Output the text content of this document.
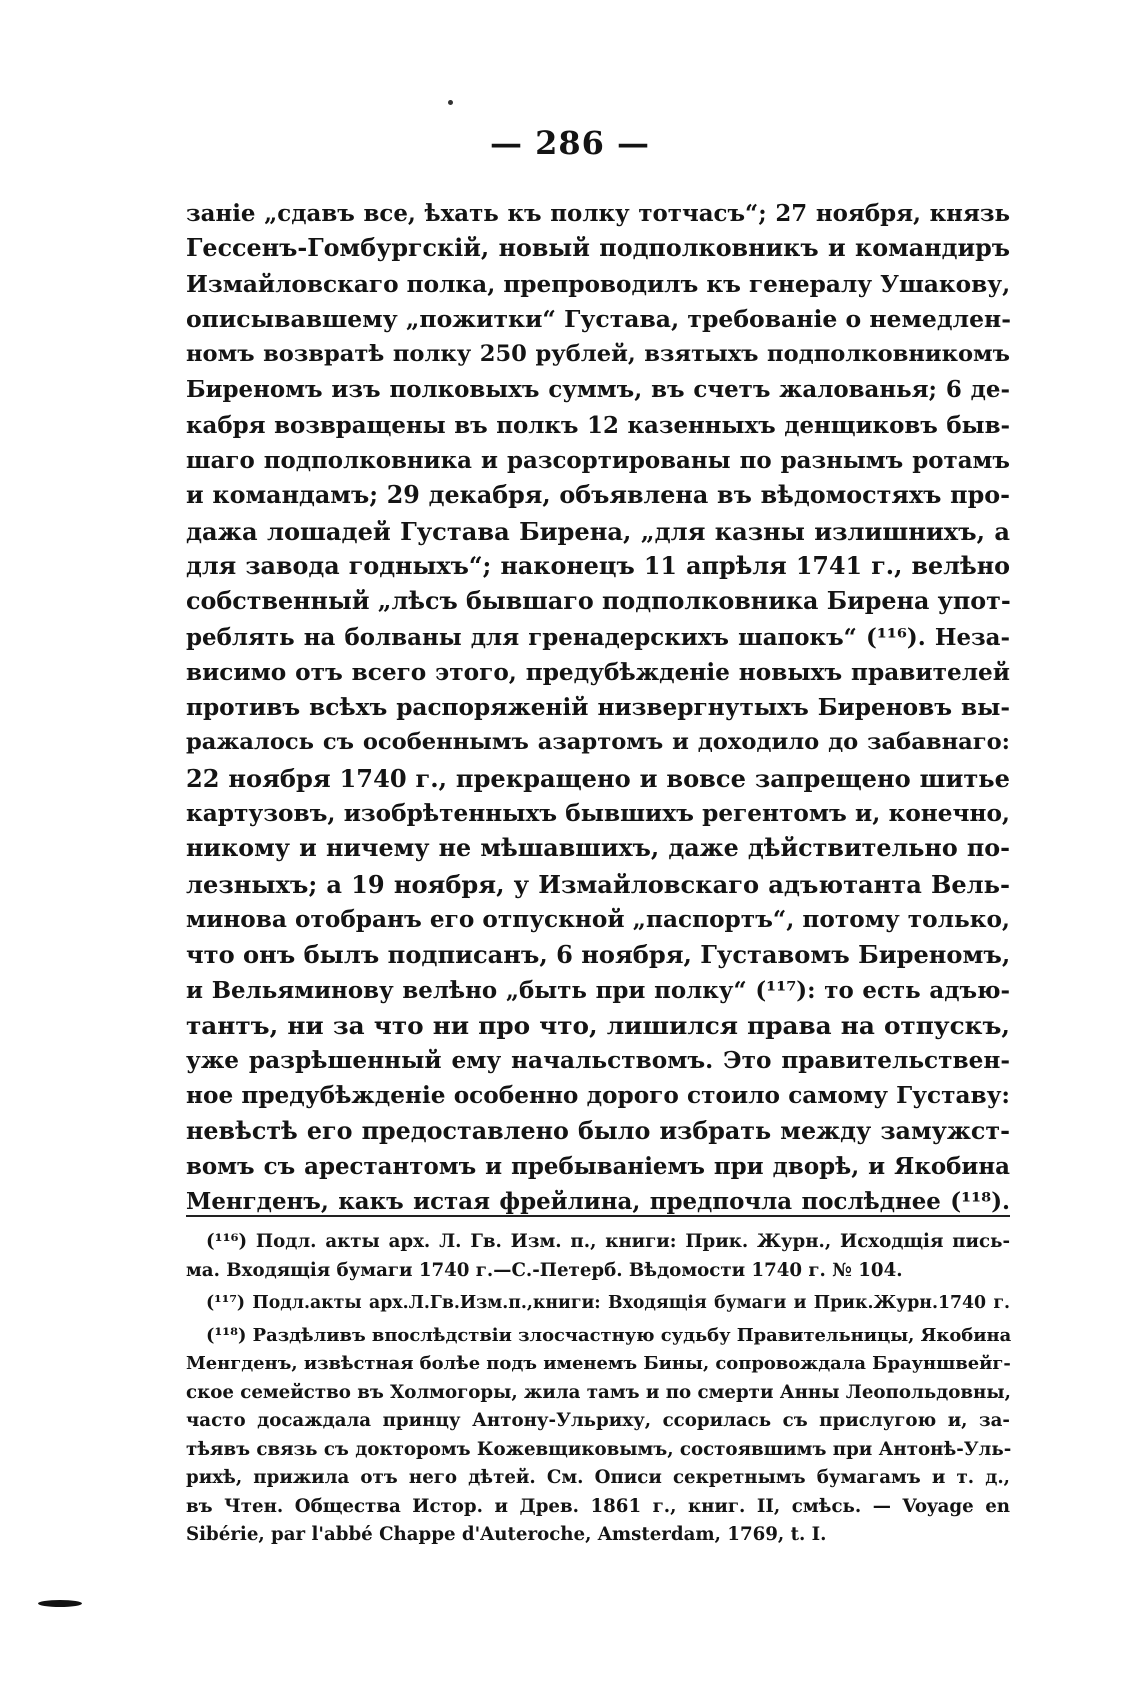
— 286 —
заніе „сдавъ все, ѣхать къ полку тотчасъ“; 27 ноября, князь
Гессенъ-Гомбургскій, новый подполковникъ и командиръ
Измайловскаго полка, препроводилъ къ генералу Ушакову,
описывавшему „пожитки“ Густава, требованіе о немедлен-
номъ возвратѣ полку 250 рублей, взятыхъ подполковникомъ
Биреномъ изъ полковыхъ суммъ, въ счетъ жалованья; 6 де-
кабря возвращены въ полкъ 12 казенныхъ денщиковъ быв-
шаго подполковника и разсортированы по разнымъ ротамъ
и командамъ; 29 декабря, объявлена въ вѣдомостяхъ про-
дажа лошадей Густава Бирена, „для казны излишнихъ, а
для завода годныхъ“; наконецъ 11 апрѣля 1741 г., велѣно
собственный „лѣсъ бывшаго подполковника Бирена упот-
реблять на болваны для гренадерскихъ шапокъ“ (¹¹⁶). Неза-
висимо отъ всего этого, предубѣжденіе новыхъ правителей
противъ всѣхъ распоряженій низвергнутыхъ Биреновъ вы-
ражалось съ особеннымъ азартомъ и доходило до забавнаго:
22 ноября 1740 г., прекращено и вовсе запрещено шитье
картузовъ, изобрѣтенныхъ бывшихъ регентомъ и, конечно,
никому и ничему не мѣшавшихъ, даже дѣйствительно по-
лезныхъ; а 19 ноября, у Измайловскаго адъютанта Вель-
минова отобранъ его отпускной „паспортъ“, потому только,
что онъ былъ подписанъ, 6 ноября, Густавомъ Биреномъ,
и Вельяминову велѣно „быть при полку“ (¹¹⁷): то есть адъю-
тантъ, ни за что ни про что, лишился права на отпускъ,
уже разрѣшенный ему начальствомъ. Это правительствен-
ное предубѣжденіе особенно дорого стоило самому Густаву:
невѣстѣ его предоставлено было избрать между замужст-
вомъ съ арестантомъ и пребываніемъ при дворѣ, и Якобина
Менгденъ, какъ истая фрейлина, предпочла послѣднее (¹¹⁸).
(¹¹⁶) Подл. акты арх. Л. Гв. Изм. п., книги: Прик. Журн., Исходщія пись-
ма. Входящія бумаги 1740 г.—С.-Петерб. Вѣдомости 1740 г. № 104.
(¹¹⁷) Подл.акты арх.Л.Гв.Изм.п.,книги: Входящія бумаги и Прик.Журн.1740 г.
(¹¹⁸) Раздѣливъ впослѣдствіи злосчастную судьбу Правительницы, Якобина
Менгденъ, извѣстная болѣе подъ именемъ Бины, сопровождала Брауншвейг-
ское семейство въ Холмогоры, жила тамъ и по смерти Анны Леопольдовны,
часто досаждала принцу Антону-Ульриху, ссорилась съ прислугою и, за-
тѣявъ связь съ докторомъ Кожевщиковымъ, состоявшимъ при Антонѣ-Уль-
рихѣ, прижила отъ него дѣтей. См. Описи секретнымъ бумагамъ и т. д.,
въ Чтен. Общества Истор. и Древ. 1861 г., книг. II, смѣсь. — Voyage en
Sibérie, par l'abbé Chappe d'Auteroche, Amsterdam, 1769, t. I.
